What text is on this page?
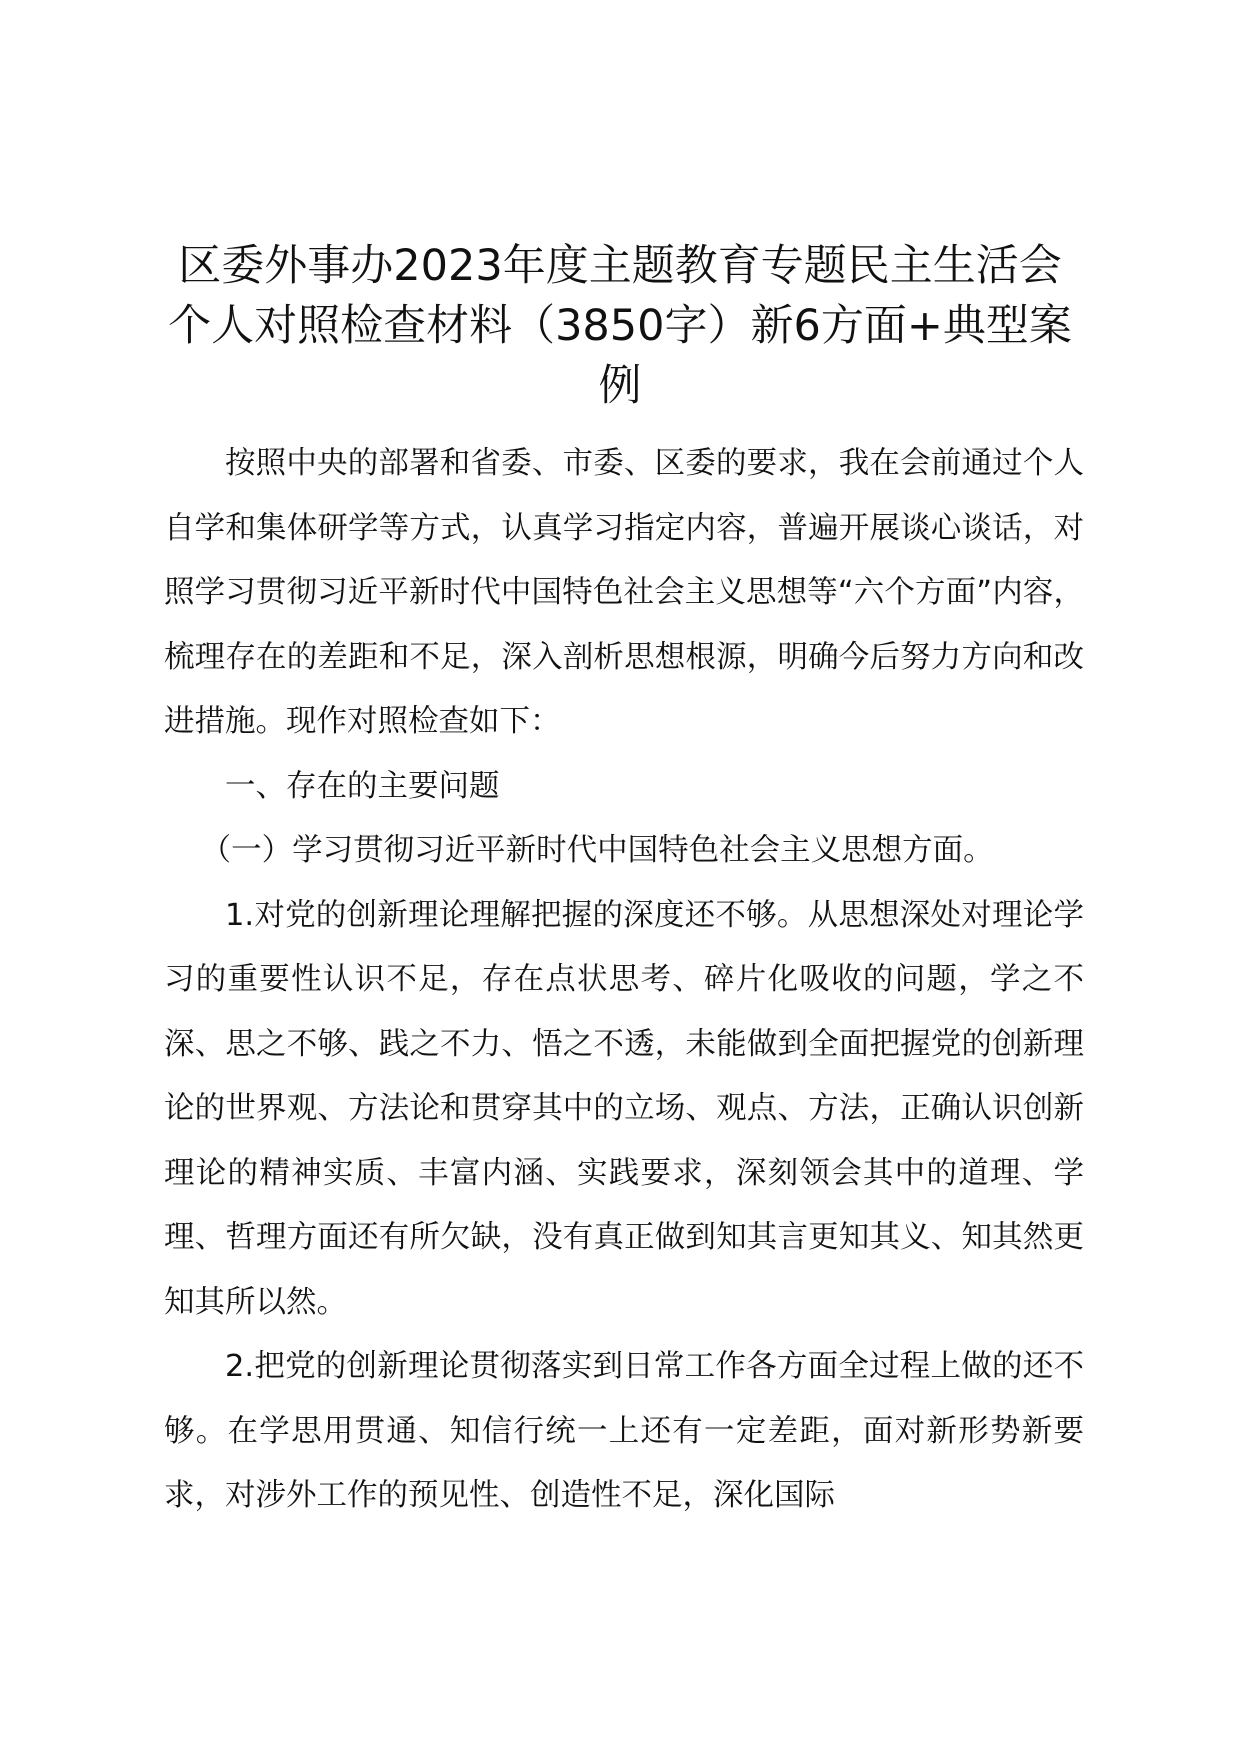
区委外事办2023年度主题教育专题民主生活会个人对照检查材料（3850字）新6方面+典型案例

按照中央的部署和省委、市委、区委的要求，我在会前通过个人自学和集体研学等方式，认真学习指定内容，普遍开展谈心谈话，对照学习贯彻习近平新时代中国特色社会主义思想等“六个方面”内容，梳理存在的差距和不足，深入剖析思想根源，明确今后努力方向和改进措施。现作对照检查如下：

一、存在的主要问题

（一）学习贯彻习近平新时代中国特色社会主义思想方面。

1.对党的创新理论理解把握的深度还不够。从思想深处对理论学习的重要性认识不足，存在点状思考、碎片化吸收的问题，学之不深、思之不够、践之不力、悟之不透，未能做到全面把握党的创新理论的世界观、方法论和贯穿其中的立场、观点、方法，正确认识创新理论的精神实质、丰富内涵、实践要求，深刻领会其中的道理、学理、哲理方面还有所欠缺，没有真正做到知其言更知其义、知其然更知其所以然。

2.把党的创新理论贯彻落实到日常工作各方面全过程上做的还不够。在学思用贯通、知信行统一上还有一定差距，面对新形势新要求，对涉外工作的预见性、创造性不足，深化国际
